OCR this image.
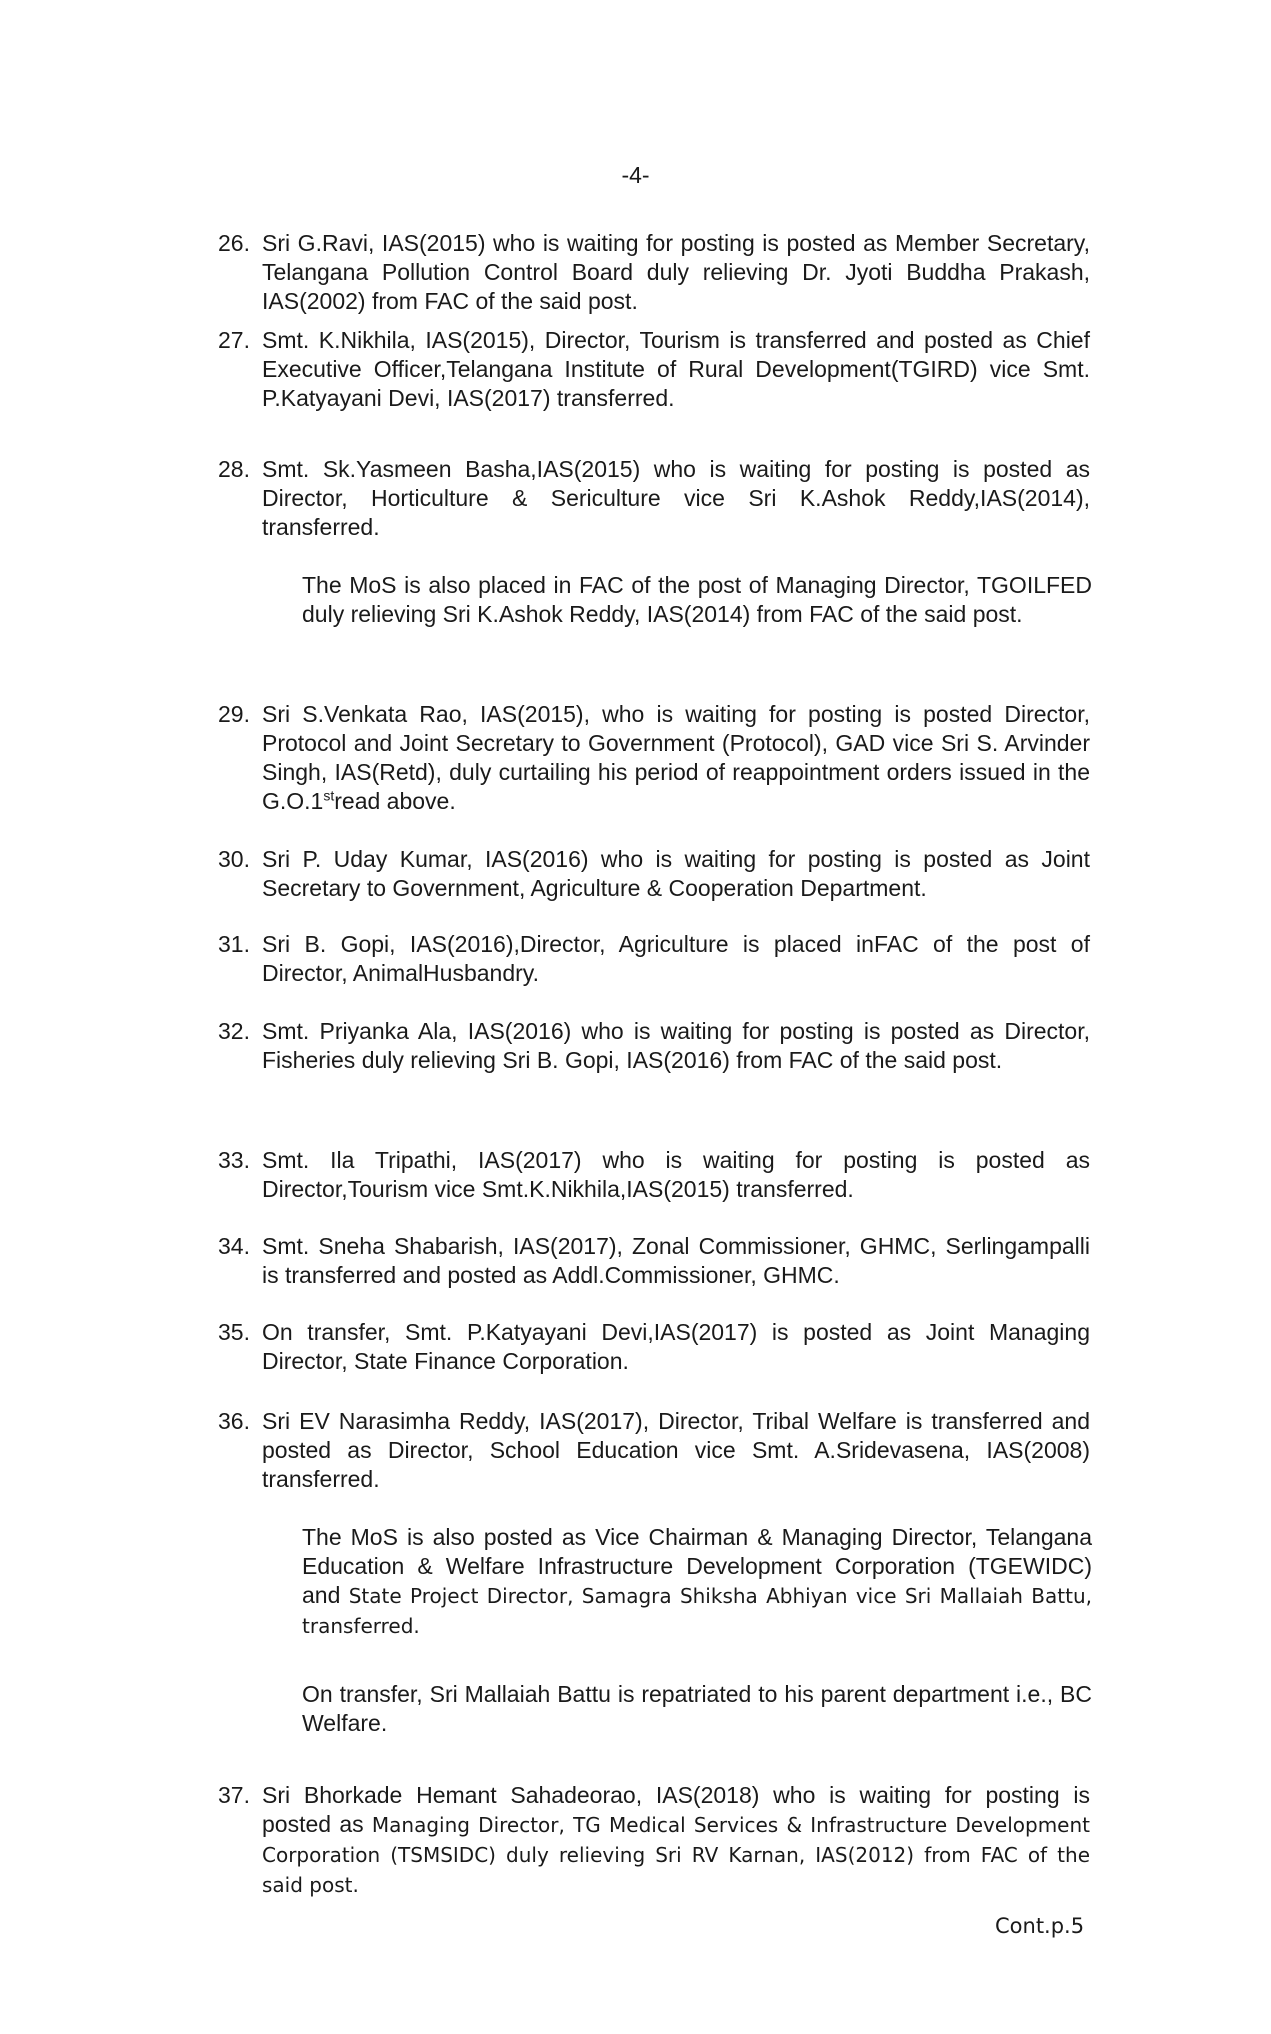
-4-
26. Sri G.Ravi, IAS(2015) who is waiting for posting is posted as Member Secretary, Telangana Pollution Control Board duly relieving Dr. Jyoti Buddha Prakash, IAS(2002) from FAC of the said post.

27. Smt. K.Nikhila, IAS(2015), Director, Tourism is transferred and posted as Chief Executive Officer,Telangana Institute of Rural Development(TGIRD) vice Smt. P.Katyayani Devi, IAS(2017) transferred.

28. Smt. Sk.Yasmeen Basha,IAS(2015) who is waiting for posting is posted as Director, Horticulture & Sericulture vice Sri K.Ashok Reddy,IAS(2014), transferred.

The MoS is also placed in FAC of the post of Managing Director, TGOILFED duly relieving Sri K.Ashok Reddy, IAS(2014) from FAC of the said post.
29. Sri S.Venkata Rao, IAS(2015), who is waiting for posting is posted Director, Protocol and Joint Secretary to Government (Protocol), GAD vice Sri S. Arvinder Singh, IAS(Retd), duly curtailing his period of reappointment orders issued in the G.O.1stread above.

30. Sri P. Uday Kumar, IAS(2016) who is waiting for posting is posted as Joint Secretary to Government, Agriculture & Cooperation Department.

31. Sri B. Gopi, IAS(2016),Director, Agriculture is placed inFAC of the post of Director, AnimalHusbandry.

32. Smt. Priyanka Ala, IAS(2016) who is waiting for posting is posted as Director, Fisheries duly relieving Sri B. Gopi, IAS(2016) from FAC of the said post.

33. Smt. Ila Tripathi, IAS(2017) who is waiting for posting is posted as Director,Tourism vice Smt.K.Nikhila,IAS(2015) transferred.

34. Smt. Sneha Shabarish, IAS(2017), Zonal Commissioner, GHMC, Serlingampalli is transferred and posted as Addl.Commissioner, GHMC.

35. On transfer, Smt. P.Katyayani Devi,IAS(2017) is posted as Joint Managing Director, State Finance Corporation.

36. Sri EV Narasimha Reddy, IAS(2017), Director, Tribal Welfare is transferred and posted as Director, School Education vice Smt. A.Sridevasena, IAS(2008) transferred.

The MoS is also posted as Vice Chairman & Managing Director, Telangana Education & Welfare Infrastructure Development Corporation (TGEWIDC) and State Project Director, Samagra Shiksha Abhiyan vice Sri Mallaiah Battu, transferred.
On transfer, Sri Mallaiah Battu is repatriated to his parent department i.e., BC Welfare.
37. Sri Bhorkade Hemant Sahadeorao, IAS(2018) who is waiting for posting is posted as Managing Director, TG Medical Services & Infrastructure Development Corporation (TSMSIDC) duly relieving Sri RV Karnan, IAS(2012) from FAC of the said post.

Cont.p.5
